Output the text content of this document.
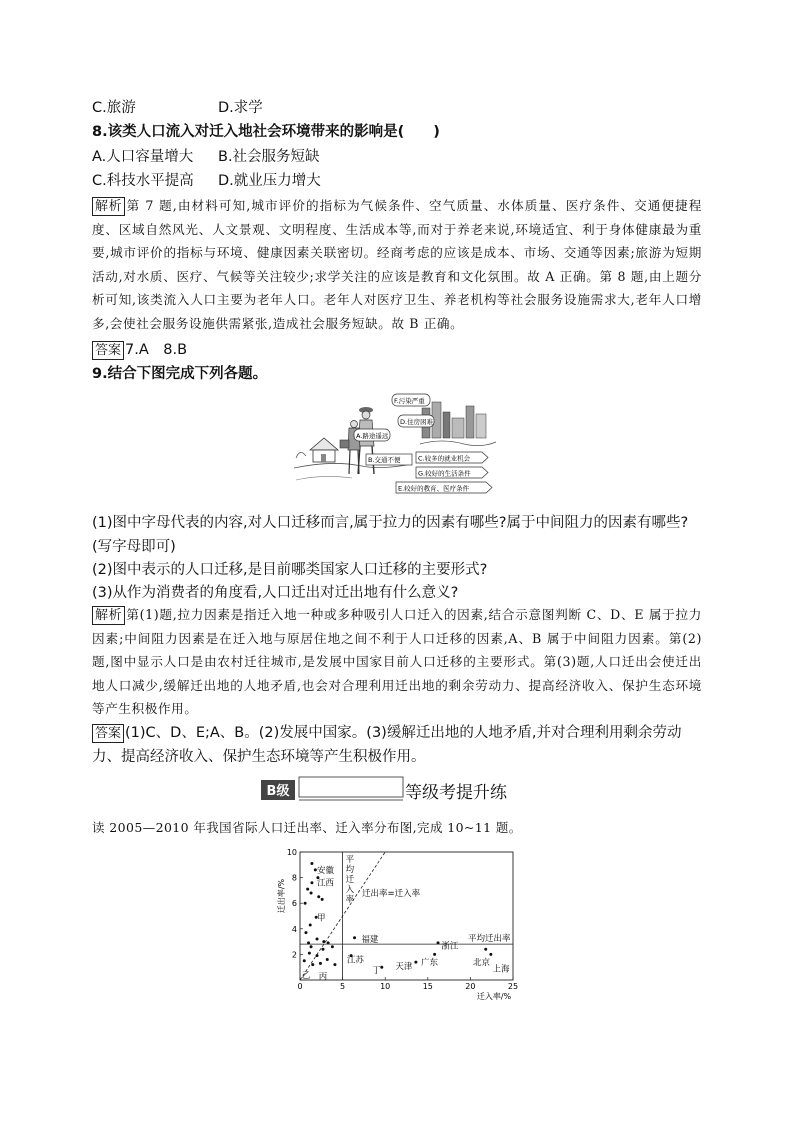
C.旅游	D.求学
8.该类人口流入对迁入地社会环境带来的影响是(　　)
A.人口容量增大 B.社会服务短缺
C.科技水平提高 D.就业压力增大
解析 第 7 题,由材料可知,城市评价的指标为气候条件、空气质量、水体质量、医疗条件、交通便捷程度、区域自然风光、人文景观、文明程度、生活成本等,而对于养老来说,环境适宜、利于身体健康最为重要,城市评价的指标与环境、健康因素关联密切。经商考虑的应该是成本、市场、交通等因素;旅游为短期活动,对水质、医疗、气候等关注较少;求学关注的应该是教育和文化氛围。故 A 正确。第 8 题,由上题分析可知,该类流入人口主要为老年人口。老年人对医疗卫生、养老机构等社会服务设施需求大,老年人口增多,会使社会服务设施供需紧张,造成社会服务短缺。故 B 正确。
答案 7.A　8.B
9.结合下图完成下列各题。
F.污染严重
D.住房困难
A.路途遥远
B.交通不便	C.较多的就业机会
G.较好的生活条件
E.较好的教育、医疗条件
(1)图中字母代表的内容,对人口迁移而言,属于拉力的因素有哪些?属于中间阻力的因素有哪些?(写字母即可)
(2)图中表示的人口迁移,是目前哪类国家人口迁移的主要形式?
(3)从作为消费者的角度看,人口迁出对迁出地有什么意义?
解析 第(1)题,拉力因素是指迁入地一种或多种吸引人口迁入的因素,结合示意图判断 C、D、E 属于拉力因素;中间阻力因素是在迁入地与原居住地之间不利于人口迁移的因素,A、B 属于中间阻力因素。第(2)题,图中显示人口是由农村迁往城市,是发展中国家目前人口迁移的主要形式。第(3)题,人口迁出会使迁出地人口减少,缓解迁出地的人地矛盾,也会对合理利用迁出地的剩余劳动力、提高经济收入、保护生态环境等产生积极作用。
答案 (1)C、D、E;A、B。(2)发展中国家。(3)缓解迁出地的人地矛盾,并对合理利用剩余劳动力、提高经济收入、保护生态环境等产生积极作用。
B级	等级考提升练
读 2005—2010 年我国省际人口迁出率、迁入率分布图,完成 10~11 题。
5	10	15	20	25
2
4
6
8
10
0
安徽
江西
甲
福建
江苏
丁 天津 广东
浙江
北京
上海
丙
乙
迁出率/%
迁入率/%
迁出率=迁入率
平均迁出率
平
均
迁
入
率
